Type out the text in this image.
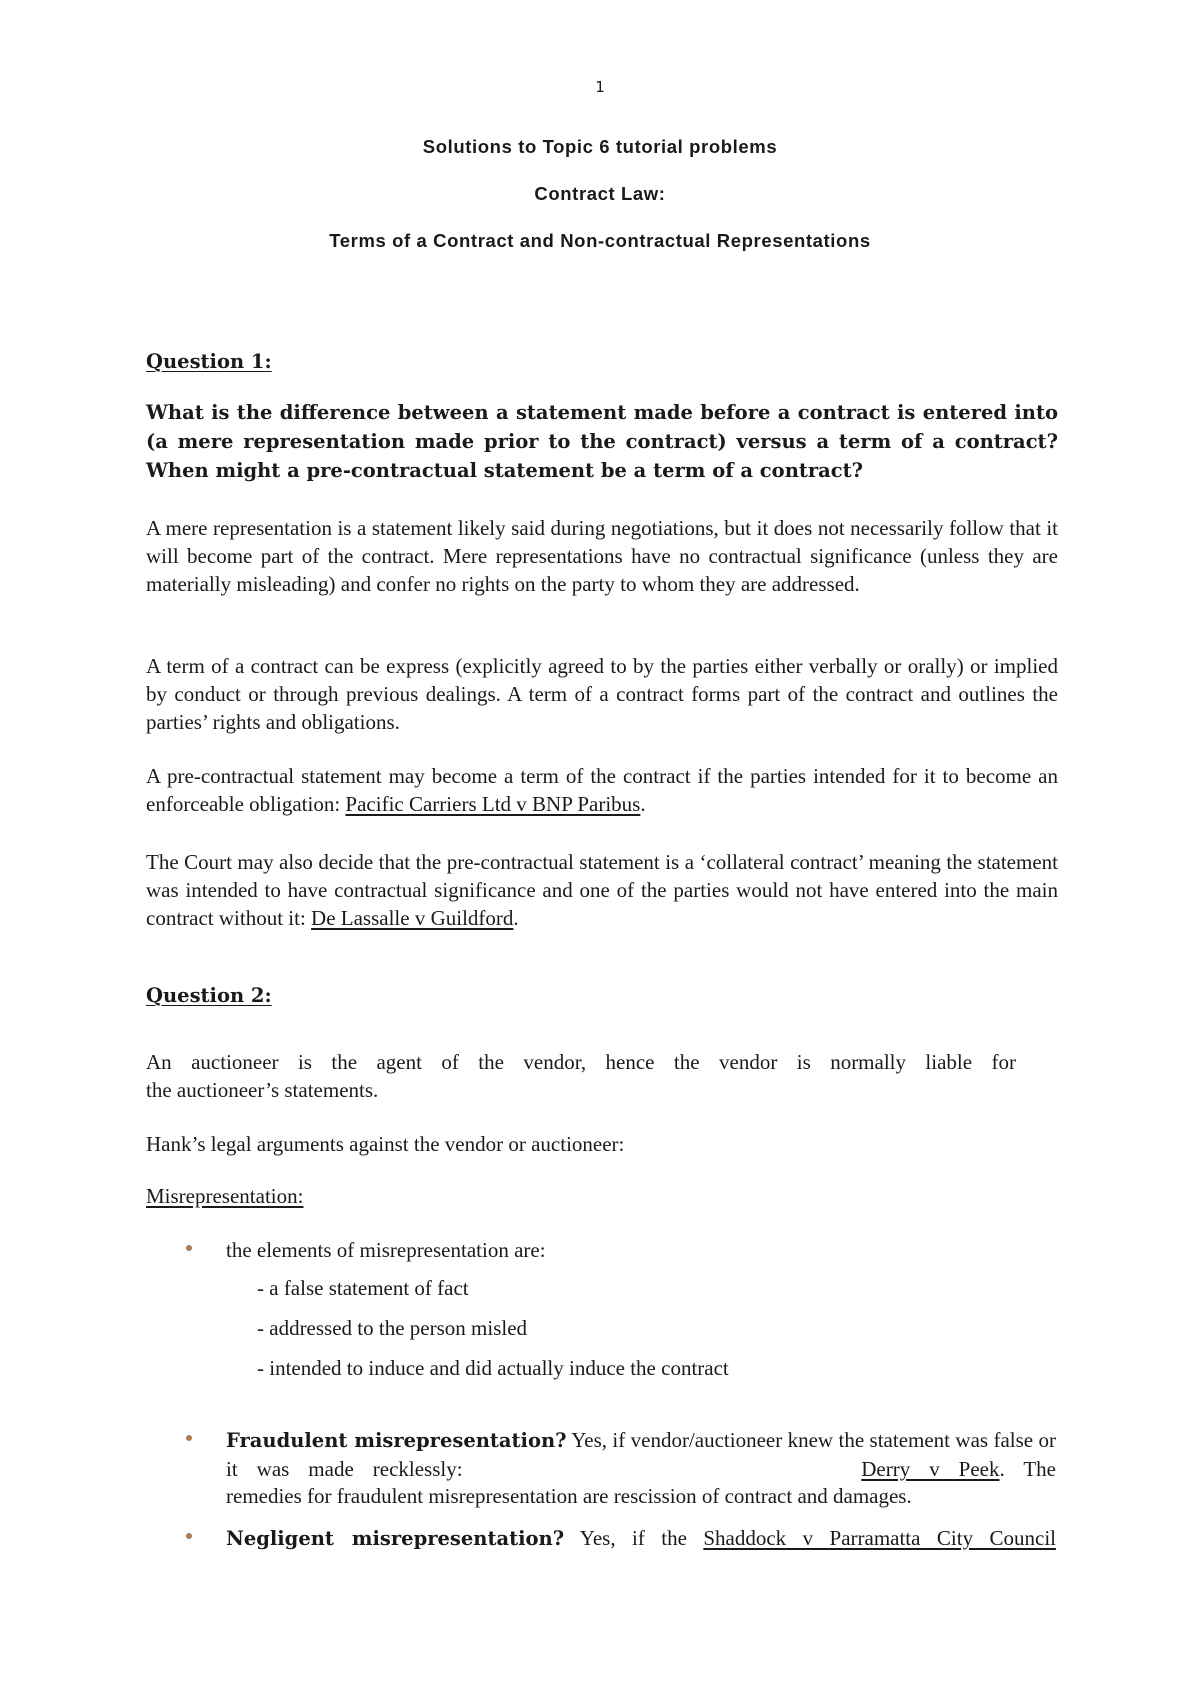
1
Solutions to Topic 6 tutorial problems
Contract Law:
Terms of a Contract and Non-contractual Representations
Question 1:
What is the difference between a statement made before a contract is entered into (a mere representation made prior to the contract) versus a term of a contract? When might a pre-contractual statement be a term of a contract?
A mere representation is a statement likely said during negotiations, but it does not necessarily follow that it will become part of the contract. Mere representations have no contractual significance (unless they are materially misleading) and confer no rights on the party to whom they are addressed.
A term of a contract can be express (explicitly agreed to by the parties either verbally or orally) or implied by conduct or through previous dealings. A term of a contract forms part of the contract and outlines the parties’ rights and obligations.
A pre-contractual statement may become a term of the contract if the parties intended for it to become an enforceable obligation: Pacific Carriers Ltd v BNP Paribus.
The Court may also decide that the pre-contractual statement is a ‘collateral contract’ meaning the statement was intended to have contractual significance and one of the parties would not have entered into the main contract without it: De Lassalle v Guildford.
Question 2:
An auctioneer is the agent of the vendor, hence the vendor is normally liable for
the auctioneer’s statements.
Hank’s legal arguments against the vendor or auctioneer:
Misrepresentation:
the elements of misrepresentation are:
- a false statement of fact
- addressed to the person misled
- intended to induce and did actually induce the contract
Fraudulent misrepresentation? Yes, if vendor/auctioneer knew the statement was false or it was made recklessly:	Derry v Peek. The
remedies for fraudulent misrepresentation are rescission of contract and damages.
Negligent misrepresentation? Yes, if the Shaddock v Parramatta City Council
